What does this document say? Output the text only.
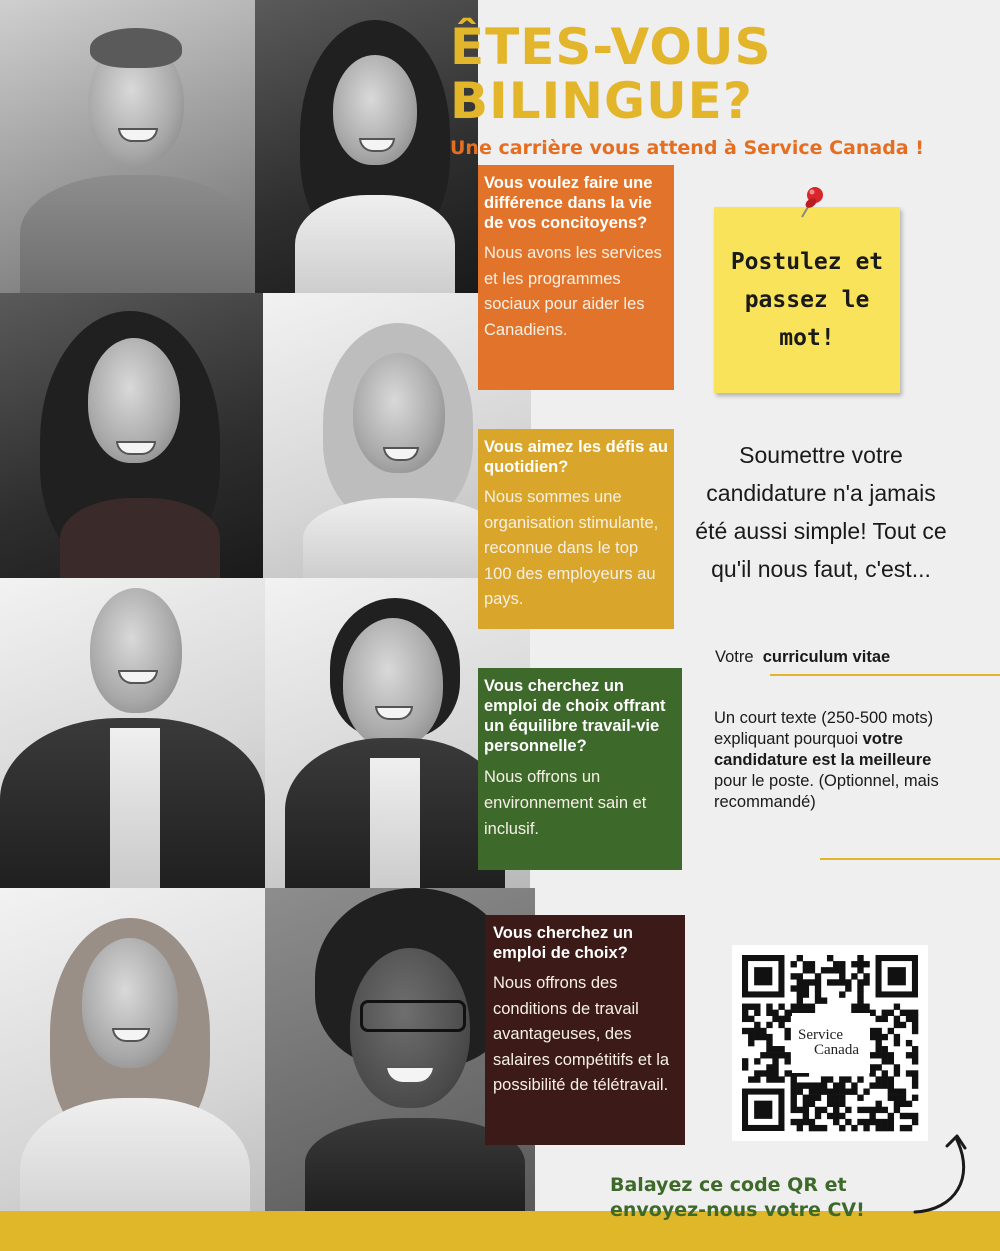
ÊTES-VOUS
BILINGUE?
Une carrière vous attend à Service Canada !

Vous voulez faire une différence dans la vie de vos concitoyens?

Nous avons les services et les programmes sociaux pour aider les Canadiens.

Vous aimez les défis au quotidien?

Nous sommes une organisation stimulante, reconnue dans le top 100 des employeurs au pays.

Vous cherchez un emploi de choix offrant un équilibre travail-vie personnelle?

Nous offrons un environnement sain et inclusif.

Vous cherchez un emploi de choix?

Nous offrons des conditions de travail avantageuses, des salaires compétitifs et la possibilité de télétravail.

Postulez et passez le mot!

Soumettre votre candidature n'a jamais été aussi simple! Tout ce qu'il nous faut, c'est...

Votre curriculum vitae

Un court texte (250-500 mots) expliquant pourquoi votre candidature est la meilleure pour le poste. (Optionnel, mais recommandé)

Service
Canada

Balayez ce code QR et
envoyez-nous votre CV!
